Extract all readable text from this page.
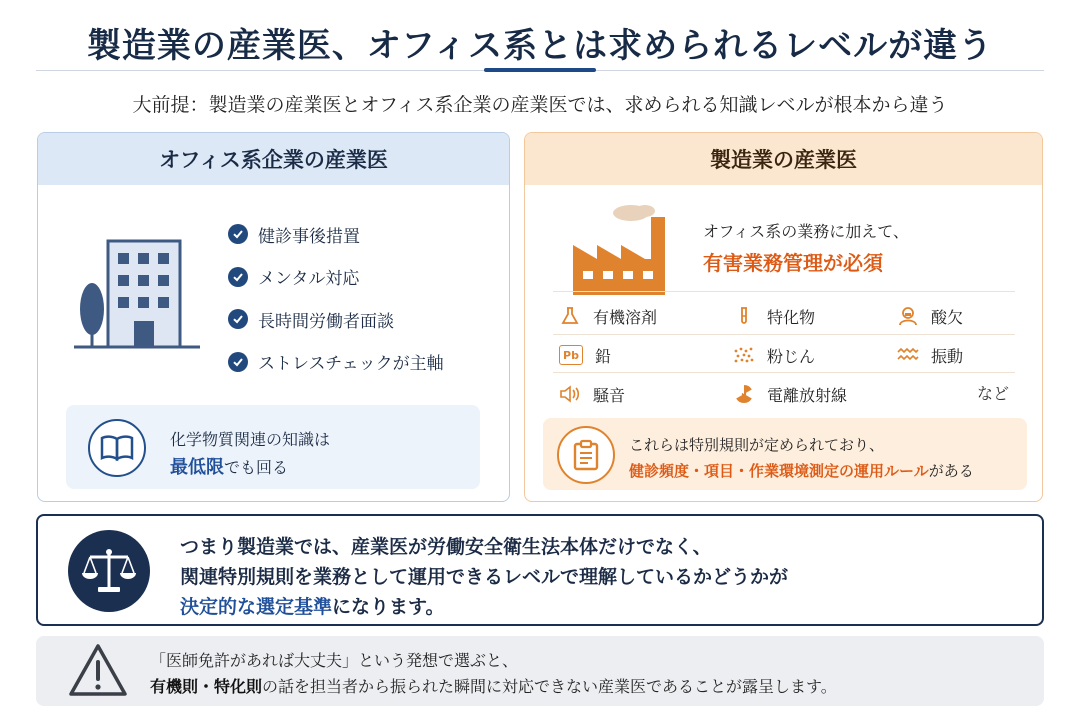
製造業の産業医、オフィス系とは求められるレベルが違う
大前提：製造業の産業医とオフィス系企業の産業医では、求められる知識レベルが根本から違う
オフィス系企業の産業医
健診事後措置
メンタル対応
長時間労働者面談
ストレスチェックが主軸
化学物質関連の知識は
最低限でも回る
製造業の産業医
オフィス系の業務に加えて、
有害業務管理が必須
有機溶剤	特化物	酸欠
Pb 鉛	粉じん	振動
騒音	電離放射線	など
これらは特別規則が定められており、
健診頻度・項目・作業環境測定の運用ルールがある
つまり製造業では、産業医が労働安全衛生法本体だけでなく、
関連特別規則を業務として運用できるレベルで理解しているかどうかが
決定的な選定基準になります。
「医師免許があれば大丈夫」という発想で選ぶと、
有機則・特化則の話を担当者から振られた瞬間に対応できない産業医であることが露呈します。
